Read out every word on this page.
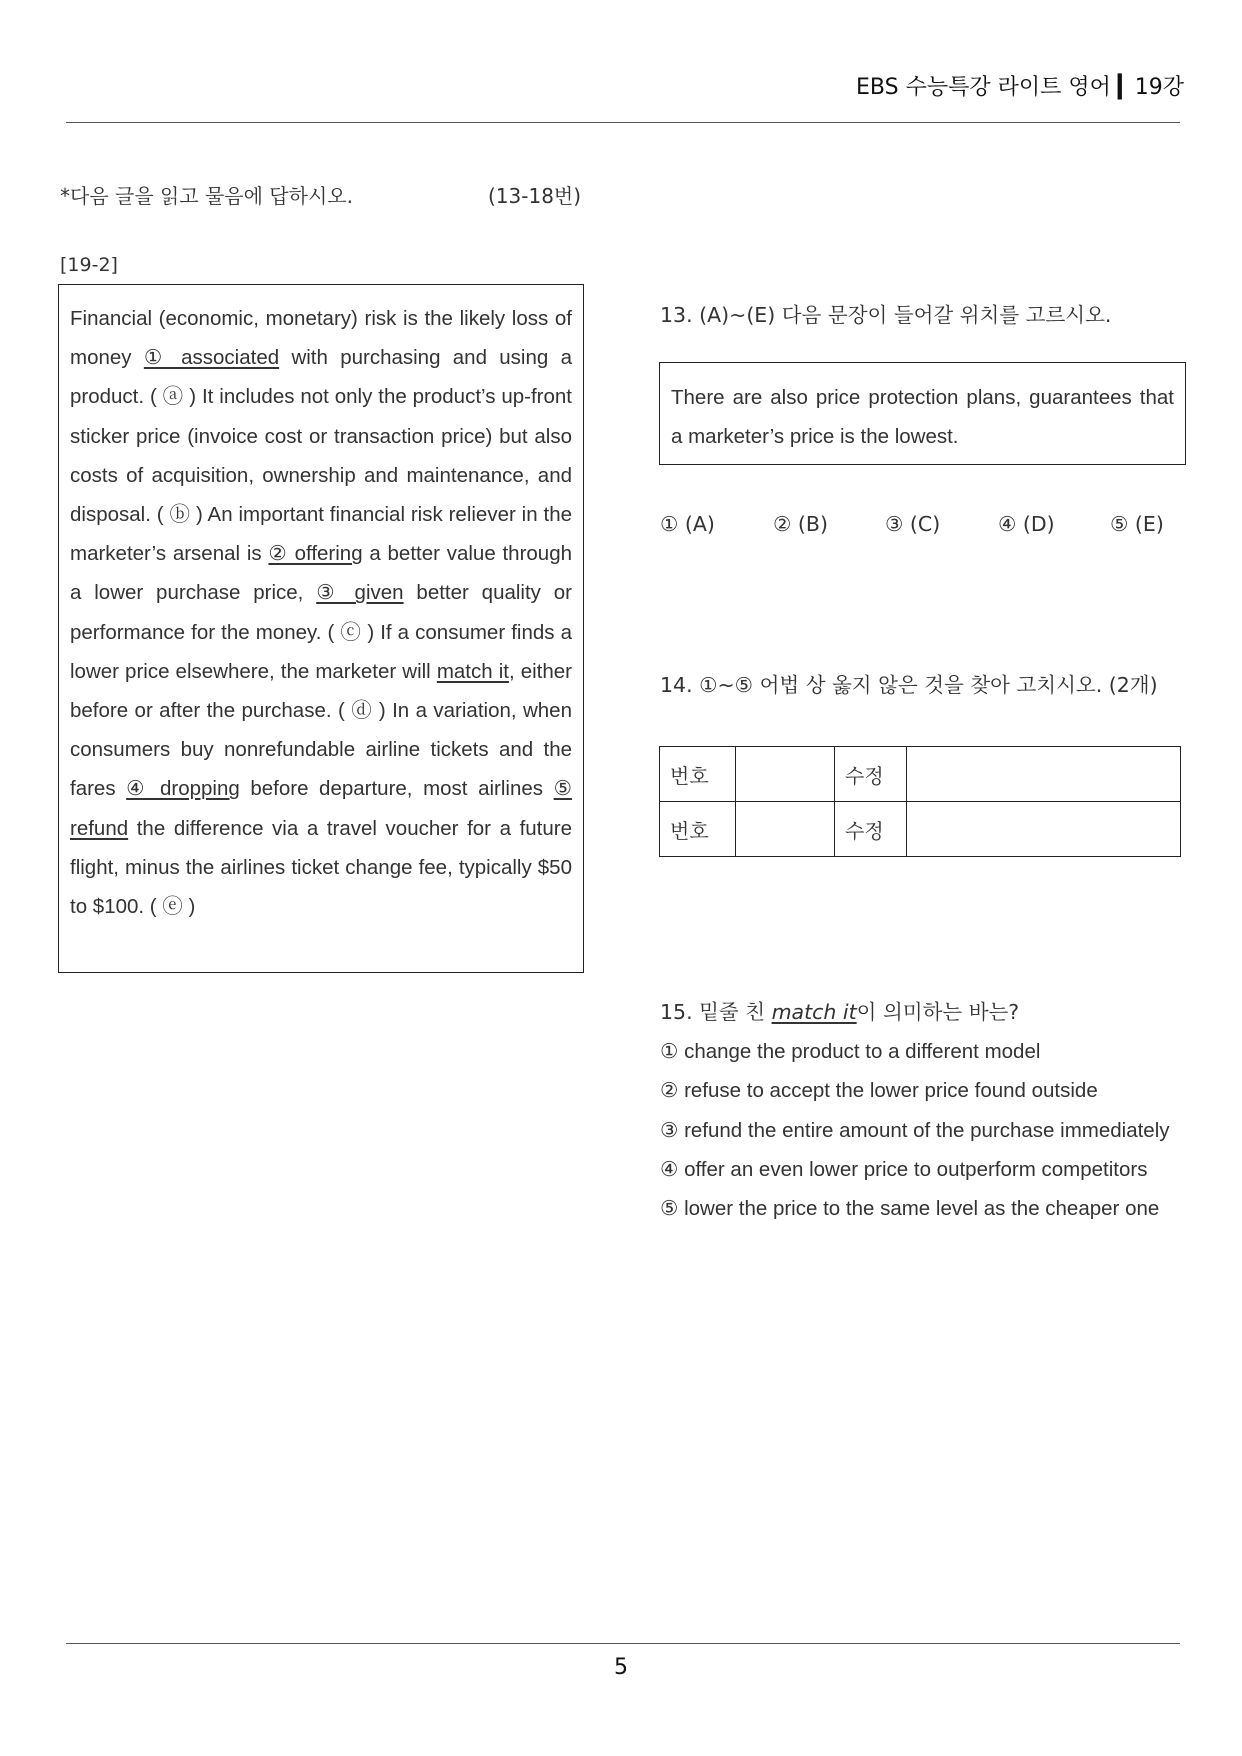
EBS 수능특강 라이트 영어 ▎19강
*다음 글을 읽고 물음에 답하시오.	(13-18번)
[19-2]

Financial (economic, monetary) risk is the likely loss of money ① associated with purchasing and using a product. ( ⓐ ) It includes not only the product’s up-front sticker price (invoice cost or transaction price) but also costs of acquisition, ownership and maintenance, and disposal. ( ⓑ ) An important financial risk reliever in the marketer’s arsenal is ② offering a better value through a lower purchase price, ③ given better quality or performance for the money. ( ⓒ ) If a consumer finds a lower price elsewhere, the marketer will match it, either before or after the purchase. ( ⓓ ) In a variation, when consumers buy nonrefundable airline tickets and the fares ④ dropping before departure, most airlines ⑤ refund the difference via a travel voucher for a future flight, minus the airlines ticket change fee, typically $50 to $100. ( ⓔ )

13. (A)~(E) 다음 문장이 들어갈 위치를 고르시오.

There are also price protection plans, guarantees that a marketer’s price is the lowest.

① (A)	② (B)	③ (C)	④ (D)	⑤ (E)
14. ①~⑤ 어법 상 옳지 않은 것을 찾아 고치시오. (2개)
번호		수정	
번호		수정	

15. 밑줄 친 match it이 의미하는 바는?

① change the product to a different model

② refuse to accept the lower price found outside

③ refund the entire amount of the purchase immediately

④ offer an even lower price to outperform competitors

⑤ lower the price to the same level as the cheaper one

5
